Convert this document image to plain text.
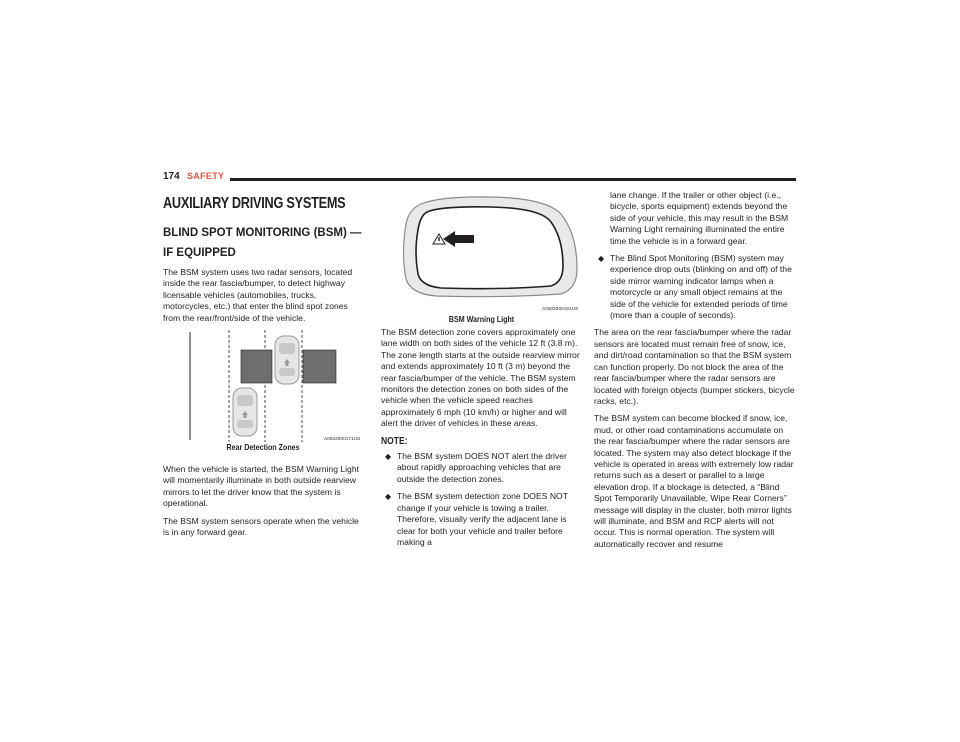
174 SAFETY
AUXILIARY DRIVING SYSTEMS
BLIND SPOT MONITORING (BSM) —
IF EQUIPPED

The BSM system uses two radar sensors, located inside the rear fascia/bumper, to detect highway licensable vehicles (automobiles, trucks, motorcycles, etc.) that enter the blind spot zones from the rear/front/side of the vehicle.

A0502000171US
Rear Detection Zones

When the vehicle is started, the BSM Warning Light will momentarily illuminate in both outside rearview mirrors to let the driver know that the system is operational.

The BSM system sensors operate when the vehicle is in any forward gear.

A0502000181US
BSM Warning Light

The BSM detection zone covers approximately one lane width on both sides of the vehicle 12 ft (3.8 m). The zone length starts at the outside rearview mirror and extends approximately 10 ft (3 m) beyond the rear fascia/bumper of the vehicle. The BSM system monitors the detection zones on both sides of the vehicle when the vehicle speed reaches approximately 6 mph (10 km/h) or higher and will alert the driver of vehicles in these areas.

NOTE:
◆ The BSM system DOES NOT alert the driver about rapidly approaching vehicles that are outside the detection zones.
◆ The BSM system detection zone DOES NOT change if your vehicle is towing a trailer. Therefore, visually verify the adjacent lane is clear for both your vehicle and trailer before making a
lane change. If the trailer or other object (i.e., bicycle, sports equipment) extends beyond the side of your vehicle, this may result in the BSM Warning Light remaining illuminated the entire time the vehicle is in a forward gear.
◆ The Blind Spot Monitoring (BSM) system may experience drop outs (blinking on and off) of the side mirror warning indicator lamps when a motorcycle or any small object remains at the side of the vehicle for extended periods of time (more than a couple of seconds).

The area on the rear fascia/bumper where the radar sensors are located must remain free of snow, ice, and dirt/road contamination so that the BSM system can function properly. Do not block the area of the rear fascia/bumper where the radar sensors are located with foreign objects (bumper stickers, bicycle racks, etc.).

The BSM system can become blocked if snow, ice, mud, or other road contaminations accumulate on the rear fascia/bumper where the radar sensors are located. The system may also detect blockage if the vehicle is operated in areas with extremely low radar returns such as a desert or parallel to a large elevation drop. If a blockage is detected, a “Blind Spot Temporarily Unavailable, Wipe Rear Corners” message will display in the cluster, both mirror lights will illuminate, and BSM and RCP alerts will not occur. This is normal operation. The system will automatically recover and resume
